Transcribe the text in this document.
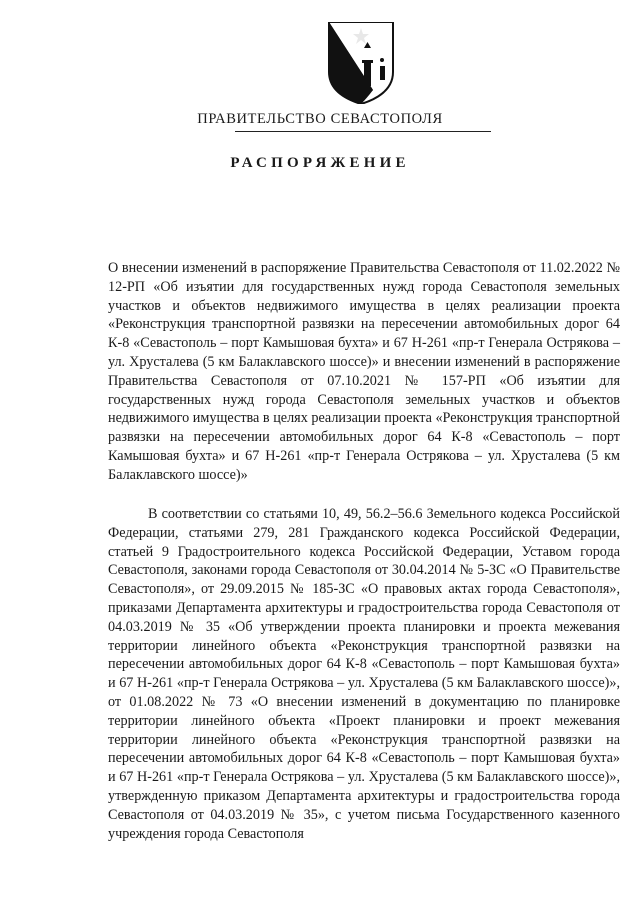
ПРАВИТЕЛЬСТВО СЕВАСТОПОЛЯ
РАСПОРЯЖЕНИЕ

О внесении изменений в распоряжение Правительства Севастополя от 11.02.2022 № 12-РП «Об изъятии для государственных нужд города Севастополя земельных участков и объектов недвижимого имущества в целях реализации проекта «Реконструкция транспортной развязки на пересечении автомобильных дорог 64 К-8 «Севастополь – порт Камышовая бухта» и 67 Н-261 «пр-т Генерала Острякова – ул. Хрусталева (5 км Балаклавского шоссе)» и внесении изменений в распоряжение Правительства Севастополя от 07.10.2021 № 157-РП «Об изъятии для государственных нужд города Севастополя земельных участков и объектов недвижимого имущества в целях реализации проекта «Реконструкция транспортной развязки на пересечении автомобильных дорог 64 К-8 «Севастополь – порт Камышовая бухта» и 67 Н-261 «пр-т Генерала Острякова – ул. Хрусталева (5 км Балаклавского шоссе)»

В соответствии со статьями 10, 49, 56.2–56.6 Земельного кодекса Российской Федерации, статьями 279, 281 Гражданского кодекса Российской Федерации, статьей 9 Градостроительного кодекса Российской Федерации, Уставом города Севастополя, законами города Севастополя от 30.04.2014 № 5-ЗС «О Правительстве Севастополя», от 29.09.2015 № 185-ЗС «О правовых актах города Севастополя», приказами Департамента архитектуры и градостроительства города Севастополя от 04.03.2019 № 35 «Об утверждении проекта планировки и проекта межевания территории линейного объекта «Реконструкция транспортной развязки на пересечении автомобильных дорог 64 К-8 «Севастополь – порт Камышовая бухта» и 67 Н-261 «пр-т Генерала Острякова – ул. Хрусталева (5 км Балаклавского шоссе)», от 01.08.2022 № 73 «О внесении изменений в документацию по планировке территории линейного объекта «Проект планировки и проект межевания территории линейного объекта «Реконструкция транспортной развязки на пересечении автомобильных дорог 64 К-8 «Севастополь – порт Камышовая бухта» и 67 Н-261 «пр-т Генерала Острякова – ул. Хрусталева (5 км Балаклавского шоссе)», утвержденную приказом Департамента архитектуры и градостроительства города Севастополя от 04.03.2019 № 35», с учетом письма Государственного казенного учреждения города Севастополя
